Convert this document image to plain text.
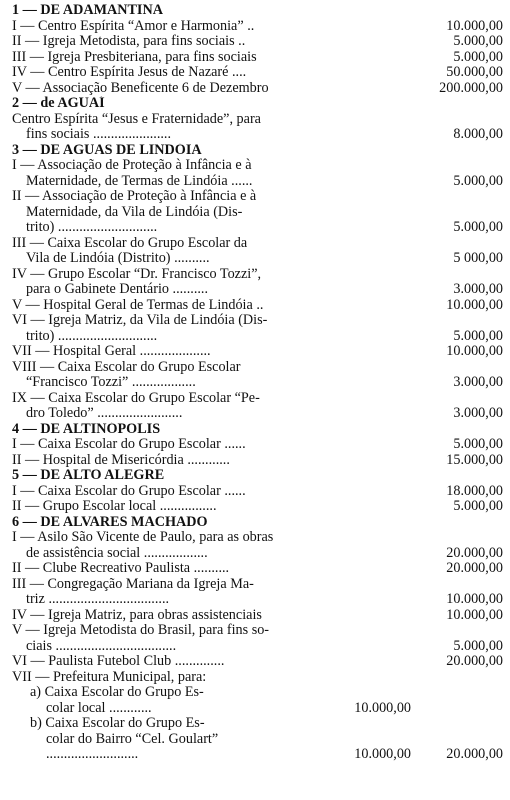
1 — DE ADAMANTINA
I — Centro Espírita “Amor e Harmonia” ..	10.000,00
II — Igreja Metodista, para fins sociais ..	5.000,00
III — Igreja Presbiteriana, para fins sociais	5.000,00
IV — Centro Espírita Jesus de Nazaré ....	50.000,00
V — Associação Beneficente 6 de Dezembro	200.000,00
2 — de AGUAÍ
Centro Espírita “Jesus e Fraternidade”, para
fins sociais ......................	8.000,00
3 — DE AGUAS DE LINDÓIA
I — Associação de Proteção à Infância e à
Maternidade, de Termas de Lindóia ......	5.000,00
II — Associação de Proteção à Infância e à
Maternidade, da Vila de Lindóia (Dis-
trito) ............................	5.000,00
III — Caixa Escolar do Grupo Escolar da
Vila de Lindóia (Distrito) ..........	5 000,00
IV — Grupo Escolar “Dr. Francisco Tozzi”,
para o Gabinete Dentário ..........	3.000,00
V — Hospital Geral de Termas de Lindóia ..	10.000,00
VI — Igreja Matriz, da Vila de Lindóia (Dis-
trito) ............................	5.000,00
VII — Hospital Geral ....................	10.000,00
VIII — Caixa Escolar do Grupo Escolar
“Francisco Tozzi” ..................	3.000,00
IX — Caixa Escolar do Grupo Escolar “Pe-
dro Toledo” ........................	3.000,00
4 — DE ALTINÓPOLIS
I — Caixa Escolar do Grupo Escolar ......	5.000,00
II — Hospital de Misericórdia ............	15.000,00
5 — DE ALTO ALEGRE
I — Caixa Escolar do Grupo Escolar ......	18.000,00
II — Grupo Escolar local ................	5.000,00
6 — DE ALVARES MACHADO
I — Asilo São Vicente de Paulo, para as obras
de assistência social ..................	20.000,00
II — Clube Recreativo Paulista ..........	20.000,00
III — Congregação Mariana da Igreja Ma-
triz ..................................	10.000,00
IV — Igreja Matriz, para obras assistenciais	10.000,00
V — Igreja Metodista do Brasil, para fins so-
ciais ..................................	5.000,00
VI — Paulista Futebol Club ..............	20.000,00
VII — Prefeitura Municipal, para:
a) Caixa Escolar do Grupo Es-
colar local ............	10.000,00
b) Caixa Escolar do Grupo Es-
colar do Bairro “Cel. Goulart”
..........................	10.000,00	20.000,00
